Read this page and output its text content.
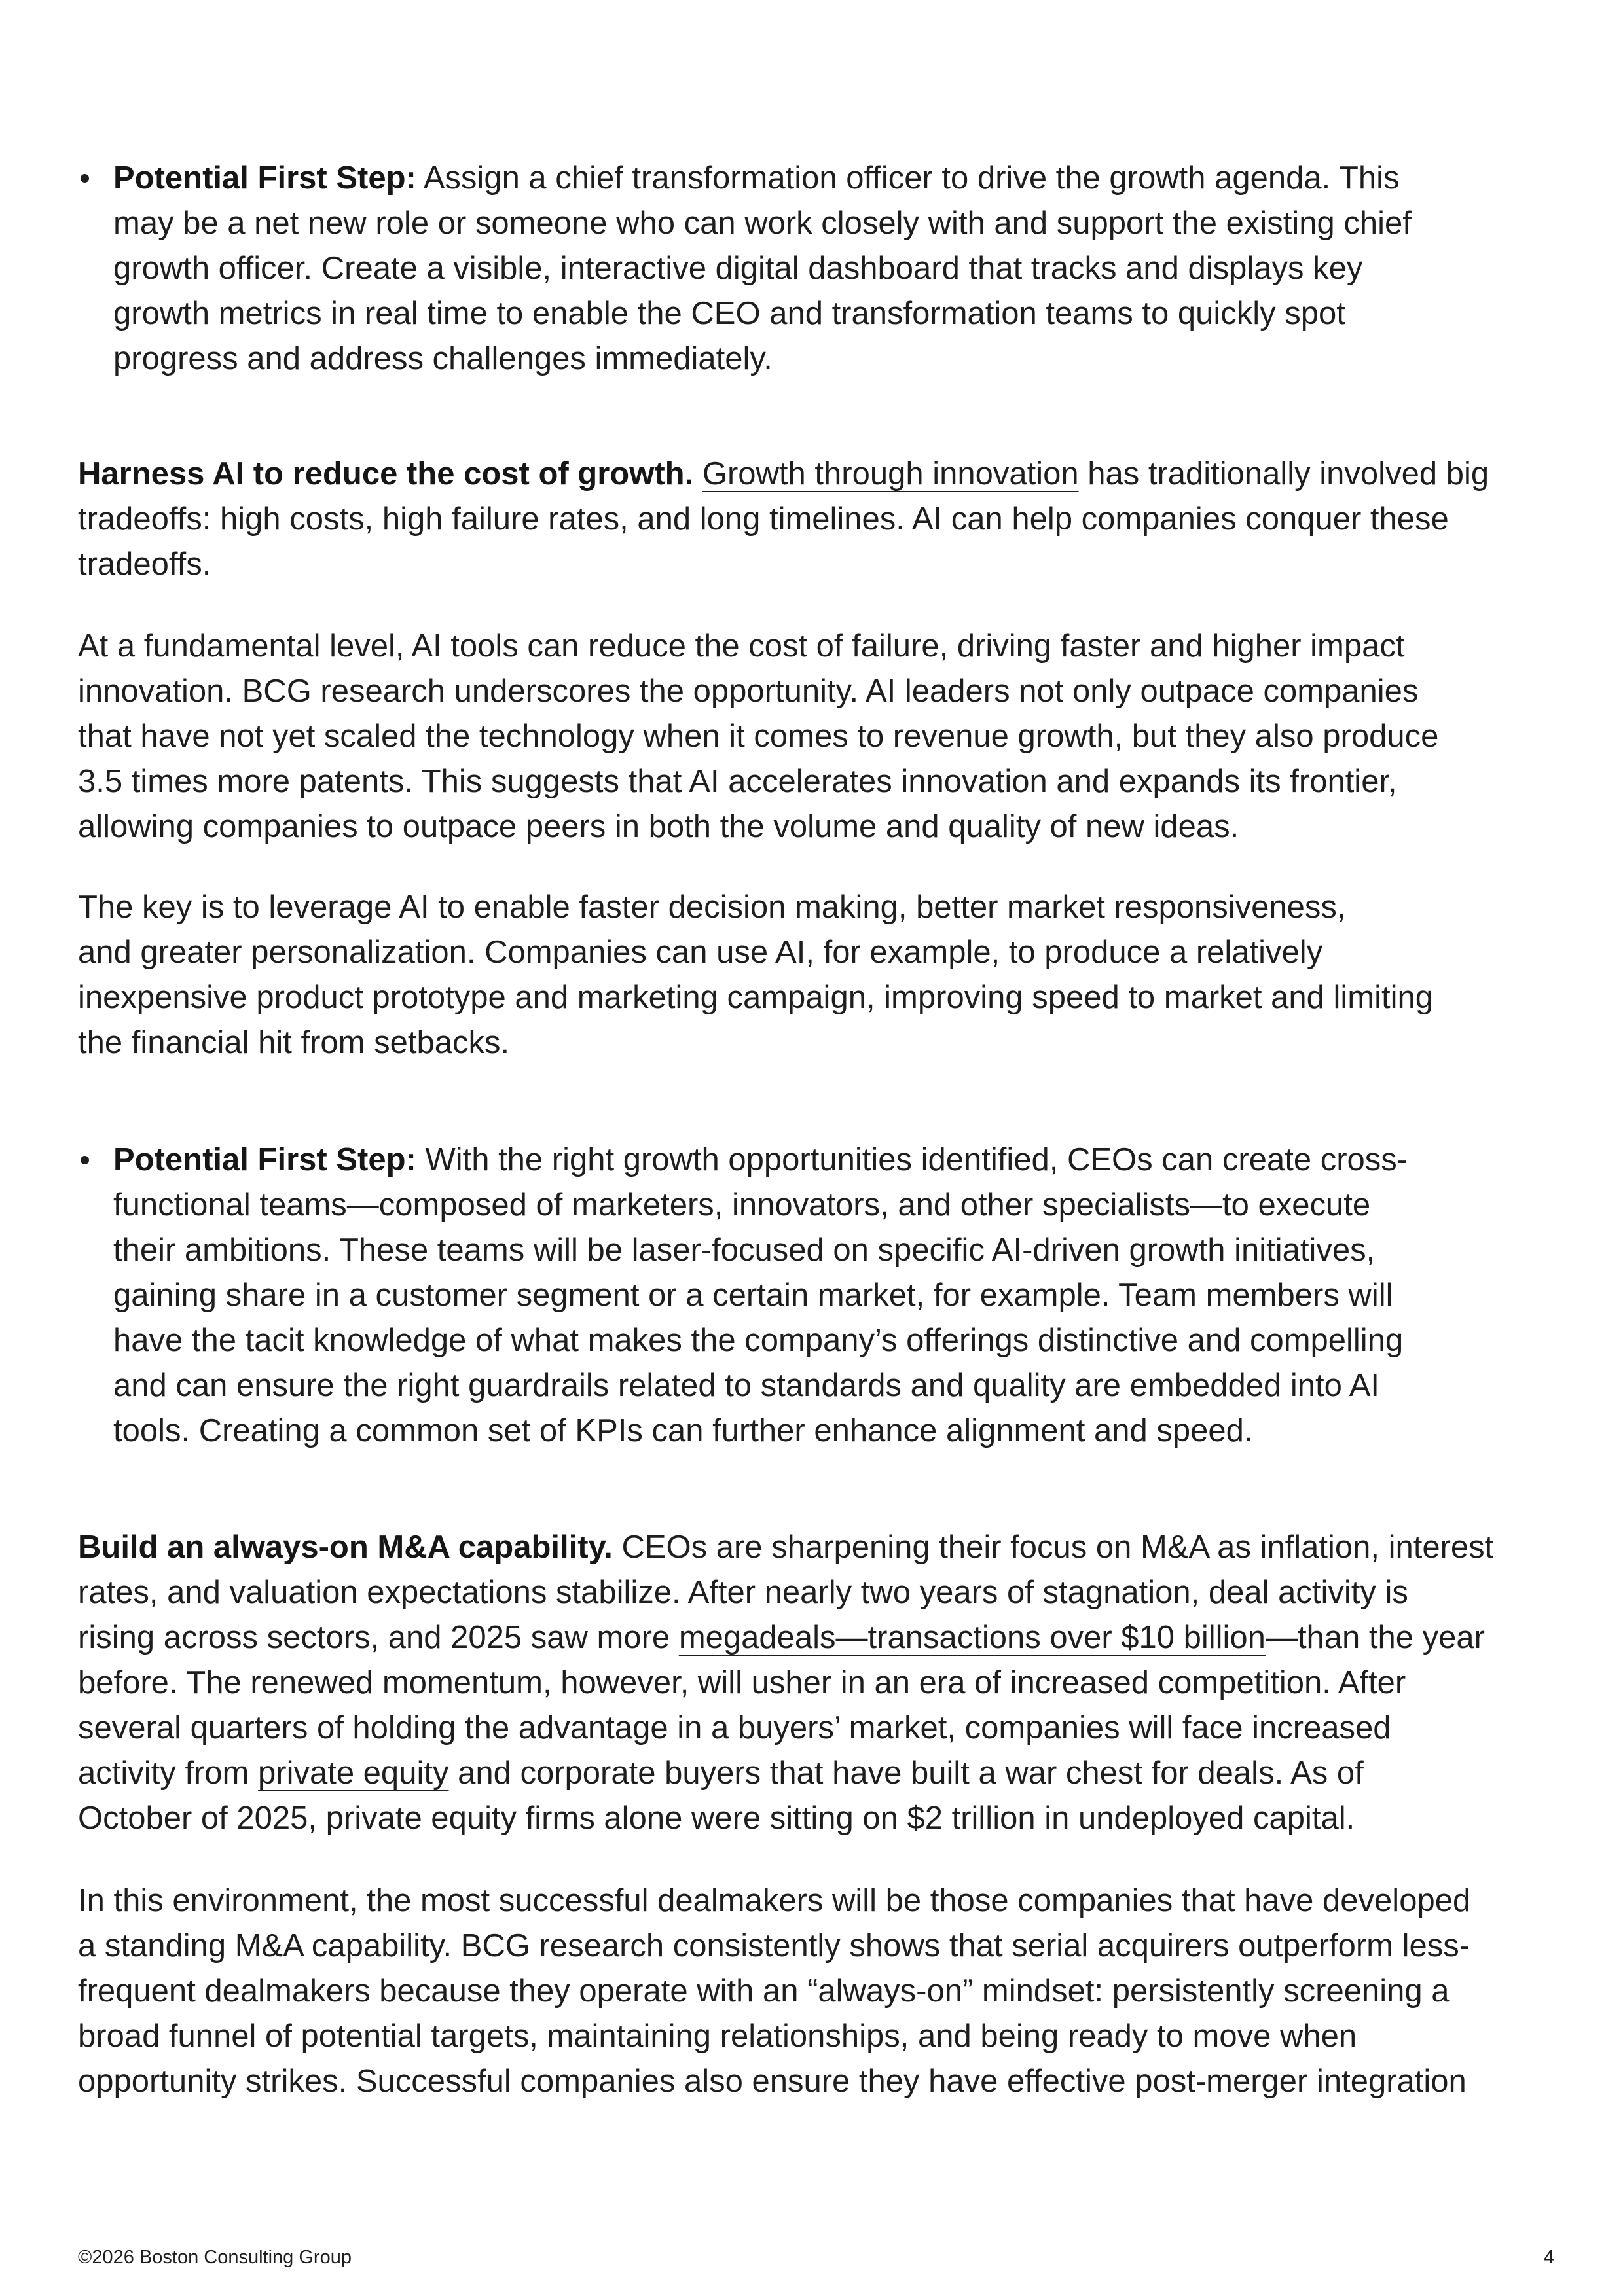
Potential First Step: Assign a chief transformation officer to drive the growth agenda. This
may be a net new role or someone who can work closely with and support the existing chief
growth officer. Create a visible, interactive digital dashboard that tracks and displays key
growth metrics in real time to enable the CEO and transformation teams to quickly spot
progress and address challenges immediately.
Harness AI to reduce the cost of growth. Growth through innovation has traditionally involved big
tradeoffs: high costs, high failure rates, and long timelines. AI can help companies conquer these
tradeoffs.
At a fundamental level, AI tools can reduce the cost of failure, driving faster and higher impact
innovation. BCG research underscores the opportunity. AI leaders not only outpace companies
that have not yet scaled the technology when it comes to revenue growth, but they also produce
3.5 times more patents. This suggests that AI accelerates innovation and expands its frontier,
allowing companies to outpace peers in both the volume and quality of new ideas.
The key is to leverage AI to enable faster decision making, better market responsiveness,
and greater personalization. Companies can use AI, for example, to produce a relatively
inexpensive product prototype and marketing campaign, improving speed to market and limiting
the financial hit from setbacks.
Potential First Step: With the right growth opportunities identified, CEOs can create cross-
functional teams—composed of marketers, innovators, and other specialists—to execute
their ambitions. These teams will be laser-focused on specific AI-driven growth initiatives,
gaining share in a customer segment or a certain market, for example. Team members will
have the tacit knowledge of what makes the company’s offerings distinctive and compelling
and can ensure the right guardrails related to standards and quality are embedded into AI
tools. Creating a common set of KPIs can further enhance alignment and speed.
Build an always-on M&A capability. CEOs are sharpening their focus on M&A as inflation, interest
rates, and valuation expectations stabilize. After nearly two years of stagnation, deal activity is
rising across sectors, and 2025 saw more megadeals—transactions over $10 billion—than the year
before. The renewed momentum, however, will usher in an era of increased competition. After
several quarters of holding the advantage in a buyers’ market, companies will face increased
activity from private equity and corporate buyers that have built a war chest for deals. As of
October of 2025, private equity firms alone were sitting on $2 trillion in undeployed capital.
In this environment, the most successful dealmakers will be those companies that have developed
a standing M&A capability. BCG research consistently shows that serial acquirers outperform less-
frequent dealmakers because they operate with an “always-on” mindset: persistently screening a
broad funnel of potential targets, maintaining relationships, and being ready to move when
opportunity strikes. Successful companies also ensure they have effective post-merger integration
©2026 Boston Consulting Group	4
